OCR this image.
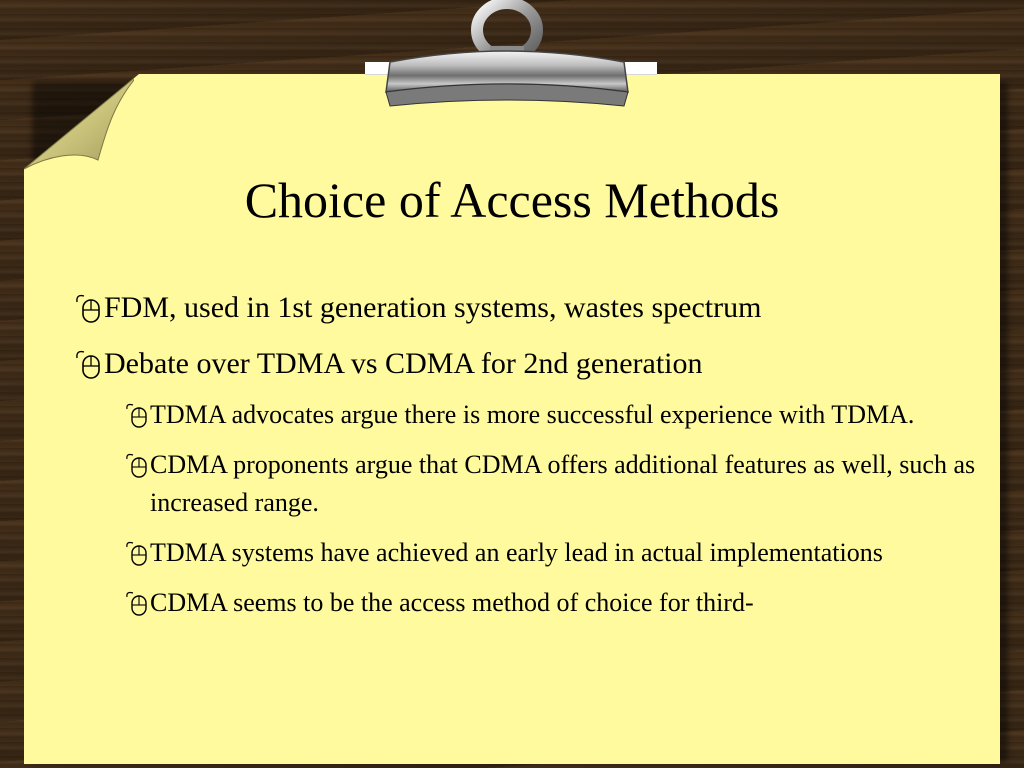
Choice of Access Methods
FDM, used in 1st generation systems, wastes spectrum
Debate over TDMA vs CDMA for 2nd generation
TDMA advocates argue there is more successful experience with TDMA.
CDMA proponents argue that CDMA offers additional features as well, such as increased range.
TDMA systems have achieved an early lead in actual implementations
CDMA seems to be the access method of choice for third-
